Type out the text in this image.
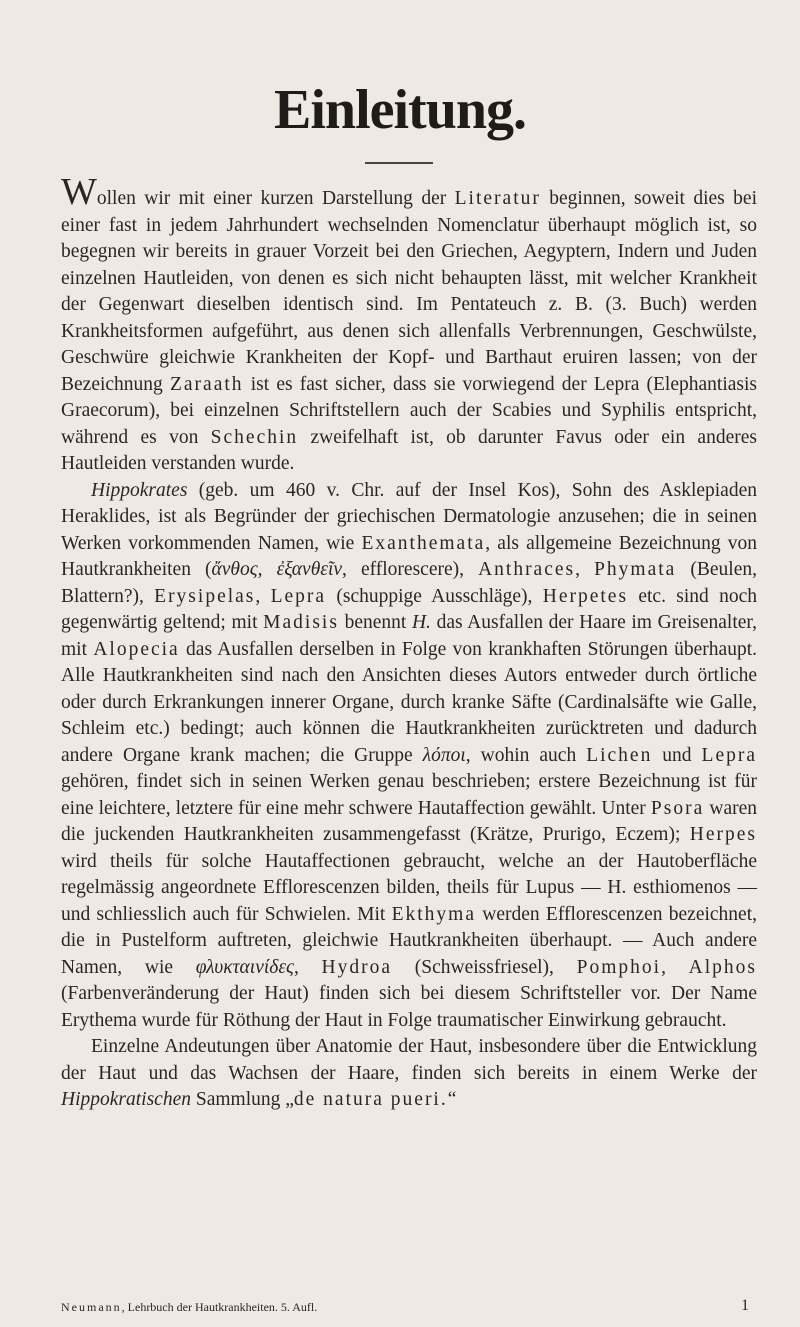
Einleitung.

Wollen wir mit einer kurzen Darstellung der Literatur beginnen, soweit dies bei einer fast in jedem Jahrhundert wechselnden Nomenclatur überhaupt möglich ist, so begegnen wir bereits in grauer Vorzeit bei den Griechen, Aegyptern, Indern und Juden einzelnen Hautleiden, von denen es sich nicht behaupten lässt, mit welcher Krankheit der Gegenwart dieselben identisch sind. Im Pentateuch z. B. (3. Buch) werden Krankheitsformen aufgeführt, aus denen sich allenfalls Verbrennungen, Geschwülste, Geschwüre gleichwie Krankheiten der Kopf- und Barthaut eruiren lassen; von der Bezeichnung Zaraath ist es fast sicher, dass sie vorwiegend der Lepra (Elephantiasis Graecorum), bei einzelnen Schriftstellern auch der Scabies und Syphilis entspricht, während es von Schechin zweifelhaft ist, ob darunter Favus oder ein anderes Hautleiden verstanden wurde.

Hippokrates (geb. um 460 v. Chr. auf der Insel Kos), Sohn des Asklepiaden Heraklides, ist als Begründer der griechischen Dermatologie anzusehen; die in seinen Werken vorkommenden Namen, wie Exanthemata, als allgemeine Bezeichnung von Hautkrankheiten (ἄνθος, ἐξανθεῖν, efflorescere), Anthraces, Phymata (Beulen, Blattern?), Erysipelas, Lepra (schuppige Ausschläge), Herpetes etc. sind noch gegenwärtig geltend; mit Madisis benennt H. das Ausfallen der Haare im Greisenalter, mit Alopecia das Ausfallen derselben in Folge von krankhaften Störungen überhaupt. Alle Hautkrankheiten sind nach den Ansichten dieses Autors entweder durch örtliche oder durch Erkrankungen innerer Organe, durch kranke Säfte (Cardinalsäfte wie Galle, Schleim etc.) bedingt; auch können die Hautkrankheiten zurücktreten und dadurch andere Organe krank machen; die Gruppe λόποι, wohin auch Lichen und Lepra gehören, findet sich in seinen Werken genau beschrieben; erstere Bezeichnung ist für eine leichtere, letztere für eine mehr schwere Hautaffection gewählt. Unter Psora waren die juckenden Hautkrankheiten zusammengefasst (Krätze, Prurigo, Eczem); Herpes wird theils für solche Hautaffectionen gebraucht, welche an der Hautoberfläche regelmässig angeordnete Efflorescenzen bilden, theils für Lupus — H. esthiomenos — und schliesslich auch für Schwielen. Mit Ekthyma werden Efflorescenzen bezeichnet, die in Pustelform auftreten, gleichwie Hautkrankheiten überhaupt. — Auch andere Namen, wie φλυκταινίδες, Hydroa (Schweissfriesel), Pomphoi, Alphos (Farbenveränderung der Haut) finden sich bei diesem Schriftsteller vor. Der Name Erythema wurde für Röthung der Haut in Folge traumatischer Einwirkung gebraucht.

Einzelne Andeutungen über Anatomie der Haut, insbesondere über die Entwicklung der Haut und das Wachsen der Haare, finden sich bereits in einem Werke der Hippokratischen Sammlung „de natura pueri.“

Neumann, Lehrbuch der Hautkrankheiten. 5. Aufl.	1
